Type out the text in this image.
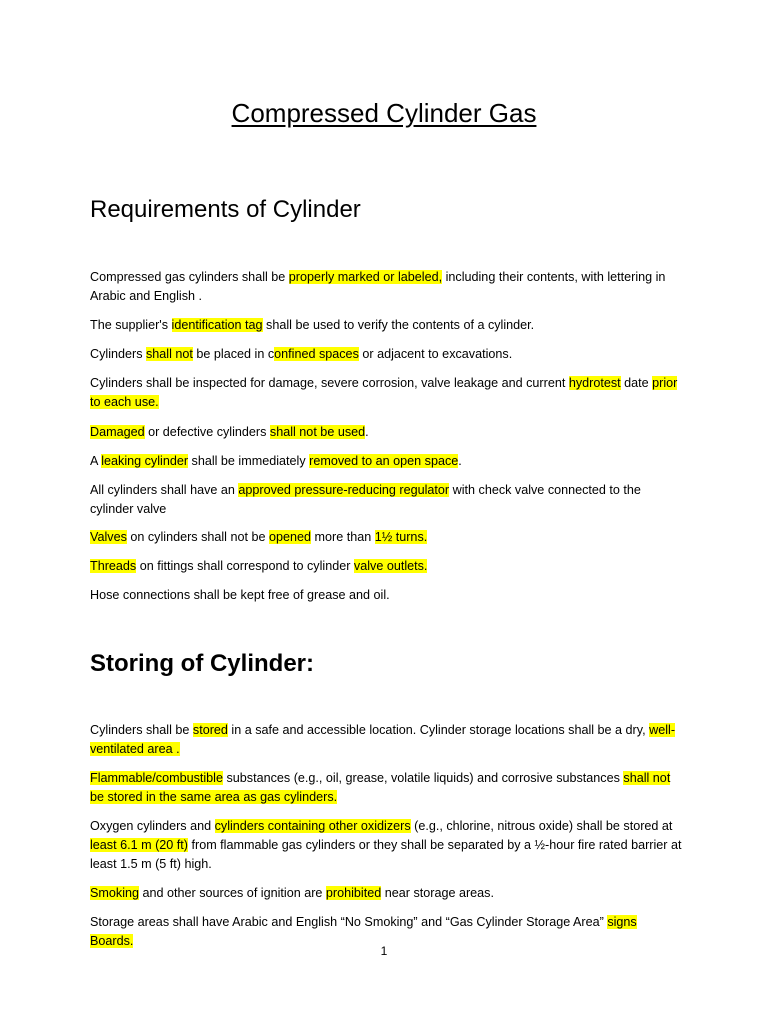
Compressed Cylinder Gas
Requirements of Cylinder
Compressed gas cylinders shall be properly marked or labeled, including their contents, with lettering in Arabic and English .
The supplier's identification tag shall be used to verify the contents of a cylinder.
Cylinders shall not be placed in confined spaces or adjacent to excavations.
Cylinders shall be inspected for damage, severe corrosion, valve leakage and current hydrotest date prior to each use.
Damaged or defective cylinders shall not be used.
A leaking cylinder shall be immediately removed to an open space.
All cylinders shall have an approved pressure-reducing regulator with check valve connected to the cylinder valve
Valves on cylinders shall not be opened more than 1½ turns.
Threads on fittings shall correspond to cylinder valve outlets.
Hose connections shall be kept free of grease and oil.
Storing of Cylinder:
Cylinders shall be stored in a safe and accessible location. Cylinder storage locations shall be a dry, well-ventilated area .
Flammable/combustible substances (e.g., oil, grease, volatile liquids) and corrosive substances shall not be stored in the same area as gas cylinders.
Oxygen cylinders and cylinders containing other oxidizers (e.g., chlorine, nitrous oxide) shall be stored at least 6.1 m (20 ft) from flammable gas cylinders or they shall be separated by a ½-hour fire rated barrier at least 1.5 m (5 ft) high.
Smoking and other sources of ignition are prohibited near storage areas.
Storage areas shall have Arabic and English “No Smoking” and “Gas Cylinder Storage Area” signs Boards.
1
